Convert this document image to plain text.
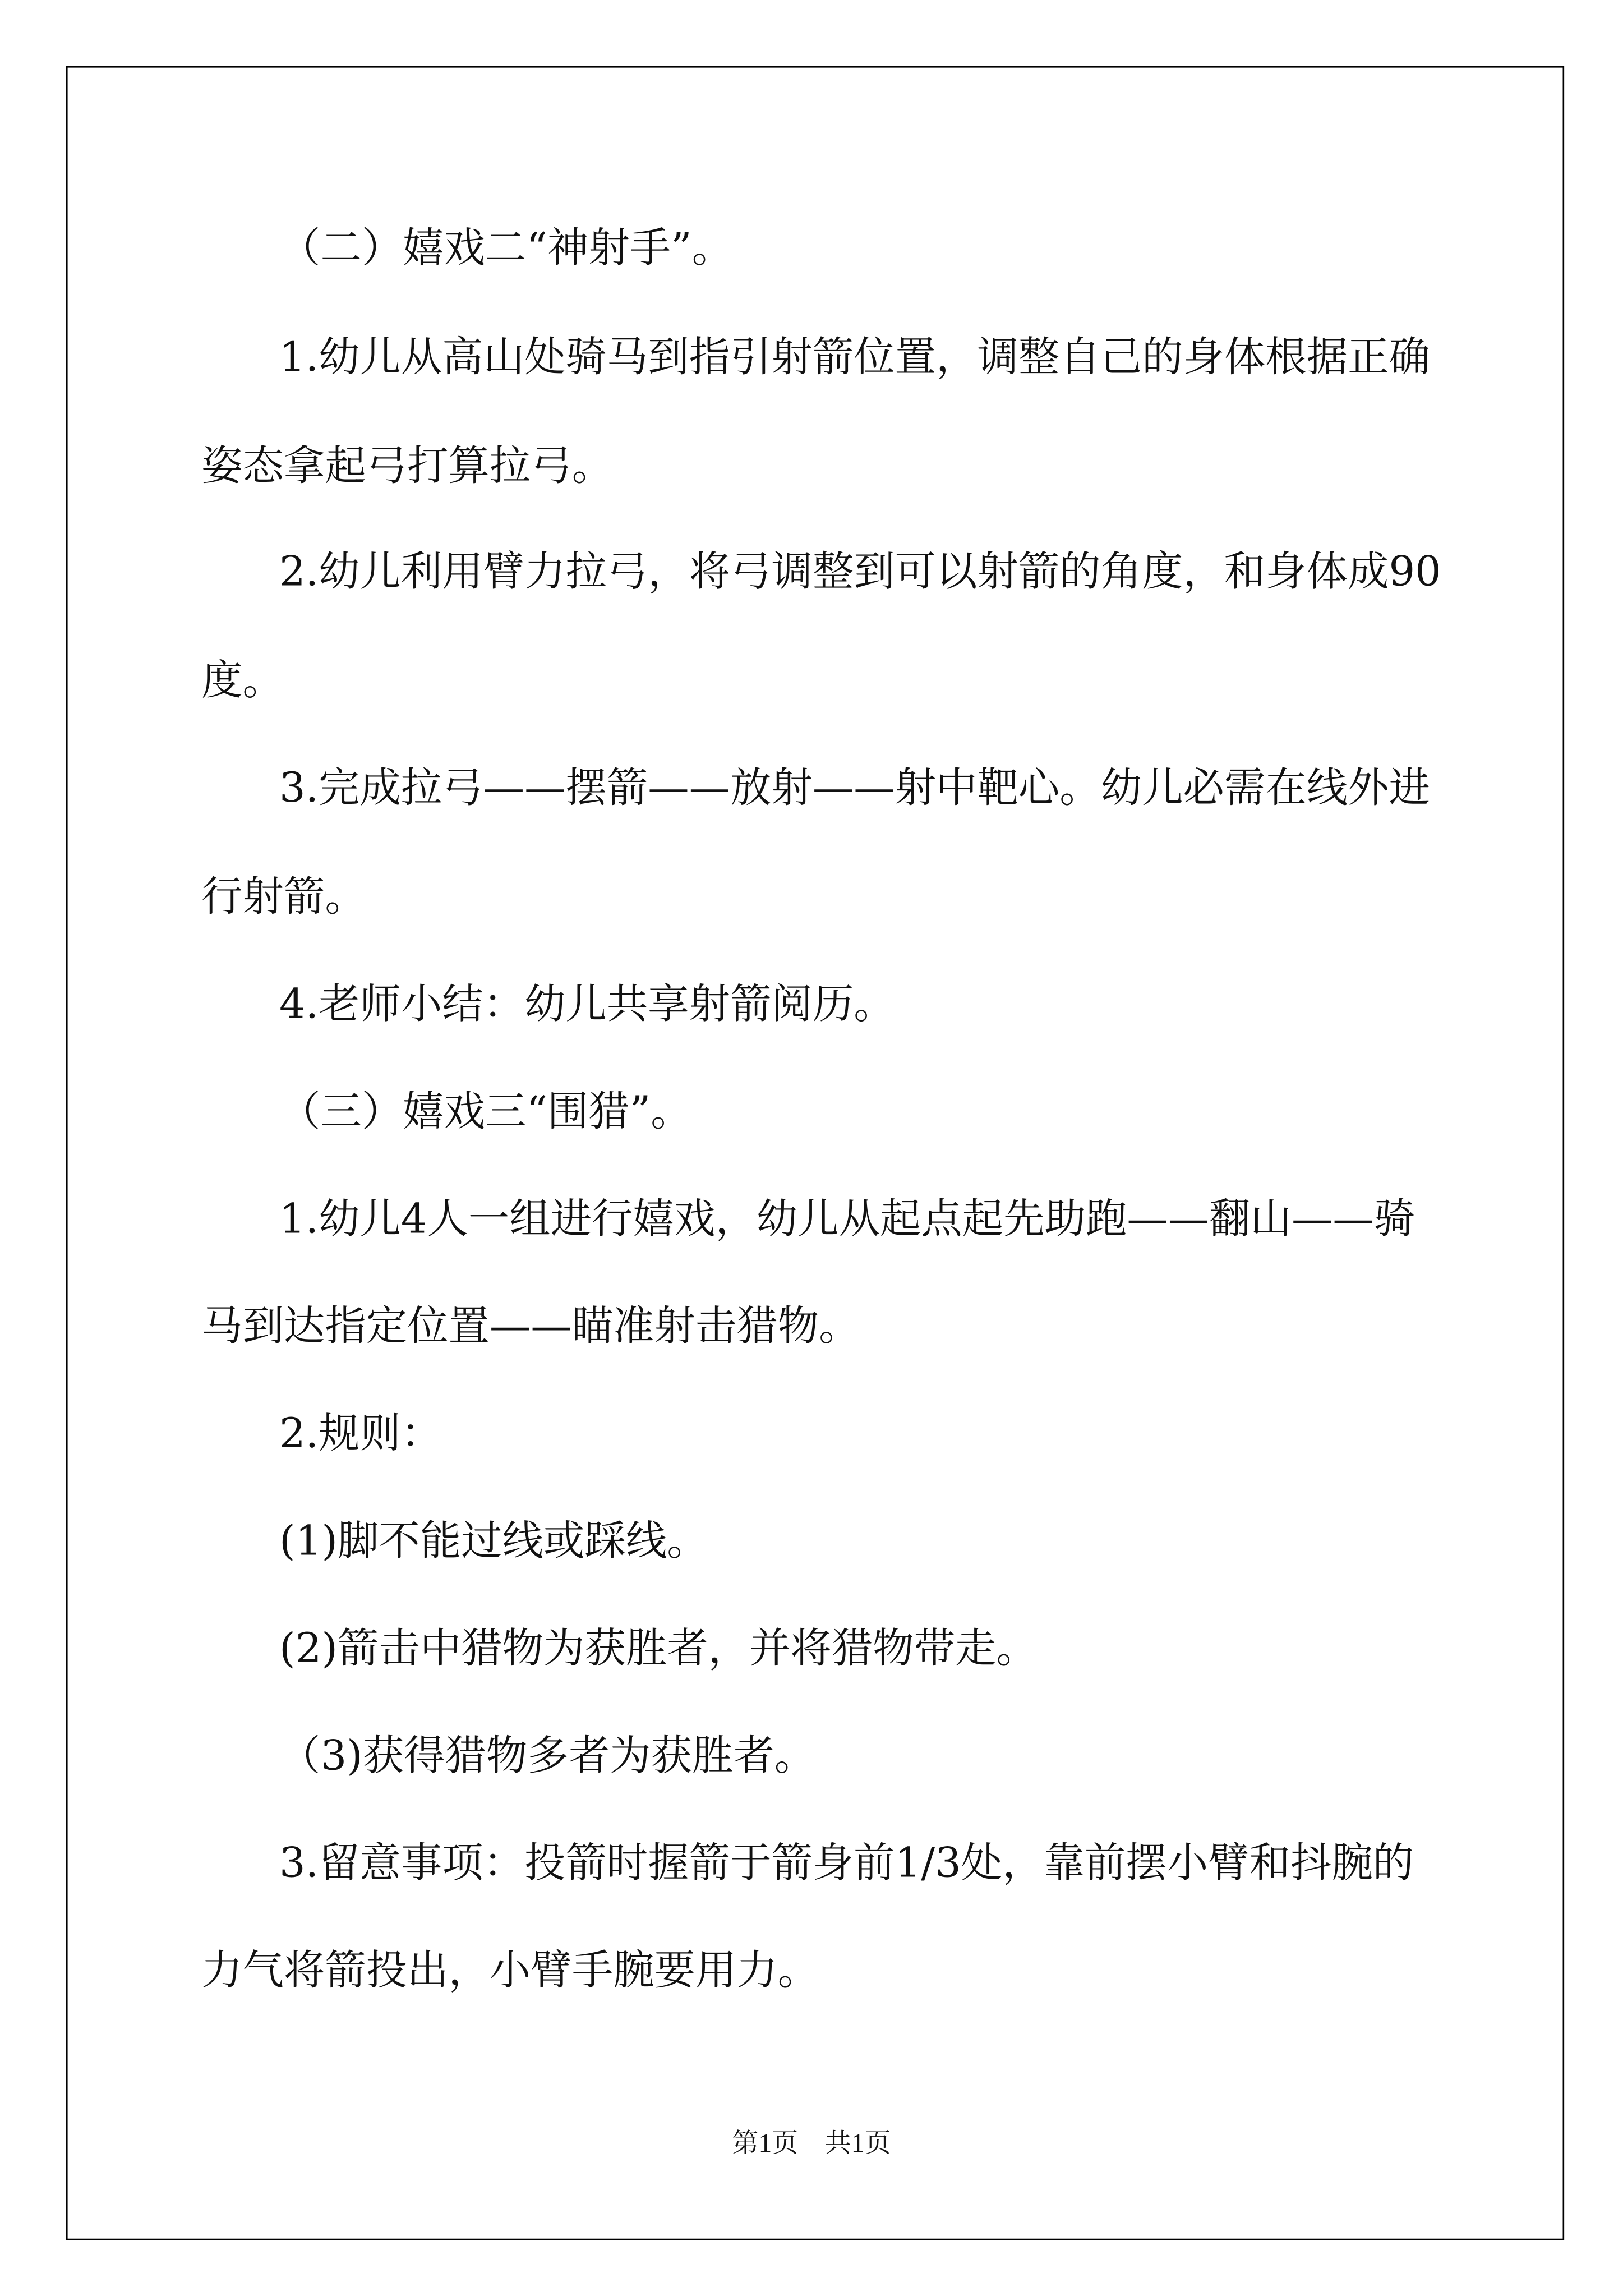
（二）嬉戏二“神射手”。

1.幼儿从高山处骑马到指引射箭位置，调整自己的身体根据正确

姿态拿起弓打算拉弓。

2.幼儿利用臂力拉弓，将弓调整到可以射箭的角度，和身体成90

度。

3.完成拉弓——摆箭——放射——射中靶心。幼儿必需在线外进

行射箭。

4.老师小结：幼儿共享射箭阅历。

（三）嬉戏三“围猎”。

1.幼儿4人一组进行嬉戏，幼儿从起点起先助跑——翻山——骑

马到达指定位置——瞄准射击猎物。

2.规则：

(1)脚不能过线或踩线。

(2)箭击中猎物为获胜者，并将猎物带走。

（3)获得猎物多者为获胜者。

3.留意事项：投箭时握箭于箭身前1/3处，靠前摆小臂和抖腕的

力气将箭投出，小臂手腕要用力。

第1页　共1页
